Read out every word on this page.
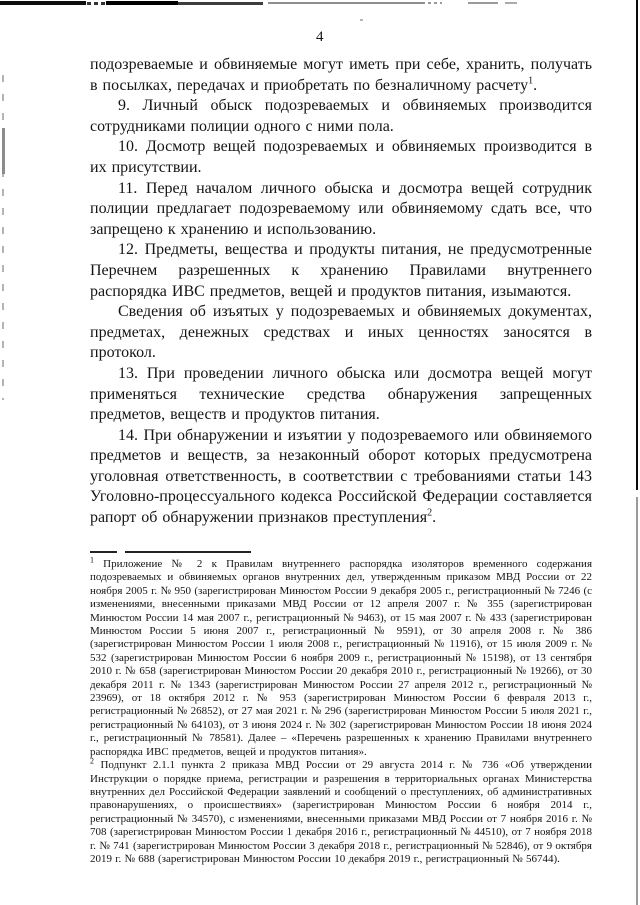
4

подозреваемые и обвиняемые могут иметь при себе, хранить, получать в посылках, передачах и приобретать по безналичному расчету$^1$.

9. Личный обыск подозреваемых и обвиняемых производится сотрудниками полиции одного с ними пола.

10. Досмотр вещей подозреваемых и обвиняемых производится в их присутствии.

11. Перед началом личного обыска и досмотра вещей сотрудник полиции предлагает подозреваемому или обвиняемому сдать все, что запрещено к хранению и использованию.

12. Предметы, вещества и продукты питания, не предусмотренные Перечнем разрешенных к хранению Правилами внутреннего распорядка ИВС предметов, вещей и продуктов питания, изымаются.

Сведения об изъятых у подозреваемых и обвиняемых документах, предметах, денежных средствах и иных ценностях заносятся в протокол.

13. При проведении личного обыска или досмотра вещей могут применяться технические средства обнаружения запрещенных предметов, веществ и продуктов питания.

14. При обнаружении и изъятии у подозреваемого или обвиняемого предметов и веществ, за незаконный оборот которых предусмотрена уголовная ответственность, в соответствии с требованиями статьи 143 Уголовно-процессуального кодекса Российской Федерации составляется рапорт об обнаружении признаков преступления$^2$.

$^1$ Приложение № 2 к Правилам внутреннего распорядка изоляторов временного содержания подозреваемых и обвиняемых органов внутренних дел, утвержденным приказом МВД России от 22 ноября 2005 г. № 950 (зарегистрирован Минюстом России 9 декабря 2005 г., регистрационный № 7246 (с изменениями, внесенными приказами МВД России от 12 апреля 2007 г. № 355 (зарегистрирован Минюстом России 14 мая 2007 г., регистрационный № 9463), от 15 мая 2007 г. № 433 (зарегистрирован Минюстом России 5 июня 2007 г., регистрационный № 9591), от 30 апреля 2008 г. № 386 (зарегистрирован Минюстом России 1 июля 2008 г., регистрационный № 11916), от 15 июля 2009 г. № 532 (зарегистрирован Минюстом России 6 ноября 2009 г., регистрационный № 15198), от 13 сентября 2010 г. № 658 (зарегистрирован Минюстом России 20 декабря 2010 г., регистрационный № 19266), от 30 декабря 2011 г. № 1343 (зарегистрирован Минюстом России 27 апреля 2012 г., регистрационный № 23969), от 18 октября 2012 г. № 953 (зарегистрирован Минюстом России 6 февраля 2013 г., регистрационный № 26852), от 27 мая 2021 г. № 296 (зарегистрирован Минюстом России 5 июля 2021 г., регистрационный № 64103), от 3 июня 2024 г. № 302 (зарегистрирован Минюстом России 18 июня 2024 г., регистрационный № 78581). Далее – «Перечень разрешенных к хранению Правилами внутреннего распорядка ИВС предметов, вещей и продуктов питания».

$^2$ Подпункт 2.1.1 пункта 2 приказа МВД России от 29 августа 2014 г. № 736 «Об утверждении Инструкции о порядке приема, регистрации и разрешения в территориальных органах Министерства внутренних дел Российской Федерации заявлений и сообщений о преступлениях, об административных правонарушениях, о происшествиях» (зарегистрирован Минюстом России 6 ноября 2014 г., регистрационный № 34570), с изменениями, внесенными приказами МВД России от 7 ноября 2016 г. № 708 (зарегистрирован Минюстом России 1 декабря 2016 г., регистрационный № 44510), от 7 ноября 2018 г. № 741 (зарегистрирован Минюстом России 3 декабря 2018 г., регистрационный № 52846), от 9 октября 2019 г. № 688 (зарегистрирован Минюстом России 10 декабря 2019 г., регистрационный № 56744).
